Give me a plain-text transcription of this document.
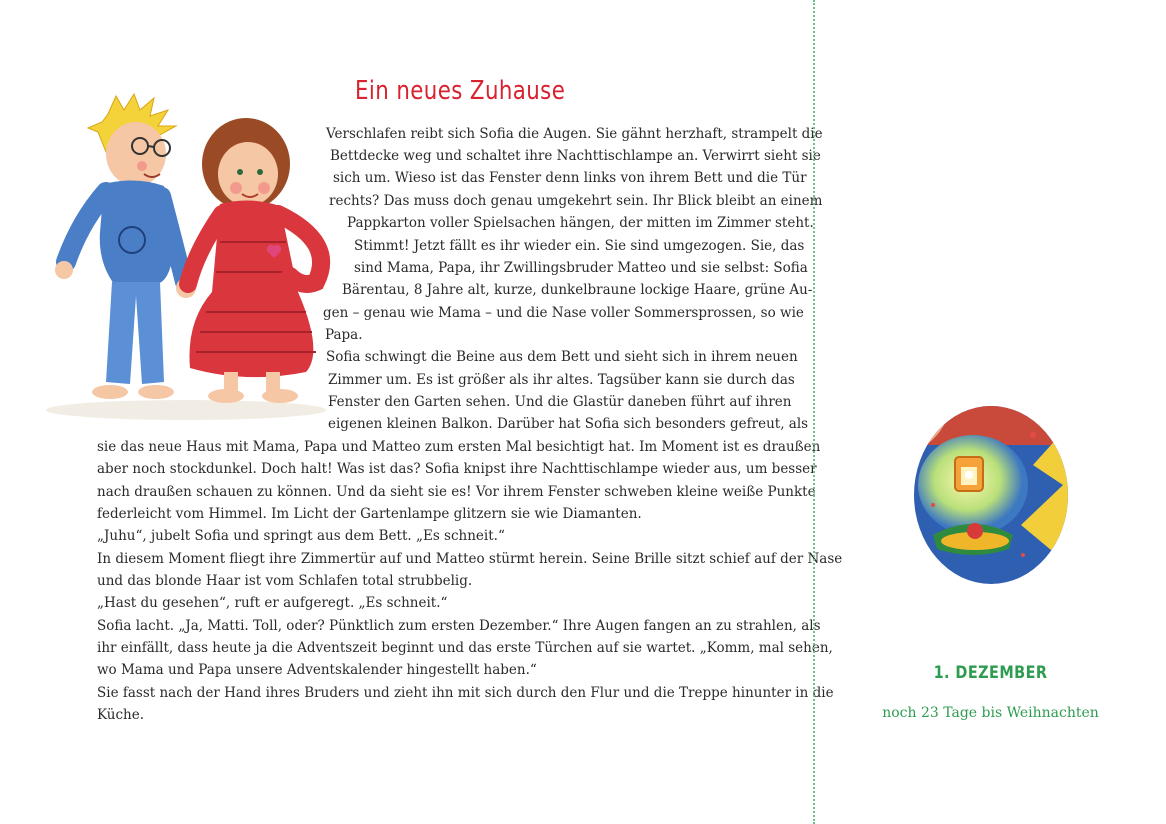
Ein neues Zuhause
Verschlafen reibt sich Sofia die Augen. Sie gähnt herzhaft, strampelt die
Bettdecke weg und schaltet ihre Nachttischlampe an. Verwirrt sieht sie
sich um. Wieso ist das Fenster denn links von ihrem Bett und die Tür
rechts? Das muss doch genau umgekehrt sein. Ihr Blick bleibt an einem
Pappkarton voller Spielsachen hängen, der mitten im Zimmer steht.
Stimmt! Jetzt fällt es ihr wieder ein. Sie sind umgezogen. Sie, das
sind Mama, Papa, ihr Zwillingsbruder Matteo und sie selbst: Sofia
Bärentau, 8 Jahre alt, kurze, dunkelbraune lockige Haare, grüne Au-
gen – genau wie Mama – und die Nase voller Sommersprossen, so wie
Papa.
Sofia schwingt die Beine aus dem Bett und sieht sich in ihrem neuen
Zimmer um. Es ist größer als ihr altes. Tagsüber kann sie durch das
Fenster den Garten sehen. Und die Glastür daneben führt auf ihren
eigenen kleinen Balkon. Darüber hat Sofia sich besonders gefreut, als
sie das neue Haus mit Mama, Papa und Matteo zum ersten Mal besichtigt hat. Im Moment ist es draußen
aber noch stockdunkel. Doch halt! Was ist das? Sofia knipst ihre Nachttischlampe wieder aus, um besser
nach draußen schauen zu können. Und da sieht sie es! Vor ihrem Fenster schweben kleine weiße Punkte
federleicht vom Himmel. Im Licht der Gartenlampe glitzern sie wie Diamanten.
„Juhu“, jubelt Sofia und springt aus dem Bett. „Es schneit.“
In diesem Moment fliegt ihre Zimmertür auf und Matteo stürmt herein. Seine Brille sitzt schief auf der Nase
und das blonde Haar ist vom Schlafen total strubbelig.
„Hast du gesehen“, ruft er aufgeregt. „Es schneit.“
Sofia lacht. „Ja, Matti. Toll, oder? Pünktlich zum ersten Dezember.“ Ihre Augen fangen an zu strahlen, als
ihr einfällt, dass heute ja die Adventszeit beginnt und das erste Türchen auf sie wartet. „Komm, mal sehen,
wo Mama und Papa unsere Adventskalender hingestellt haben.“
Sie fasst nach der Hand ihres Bruders und zieht ihn mit sich durch den Flur und die Treppe hinunter in die
Küche.
1. DEZEMBER
noch 23 Tage bis Weihnachten
